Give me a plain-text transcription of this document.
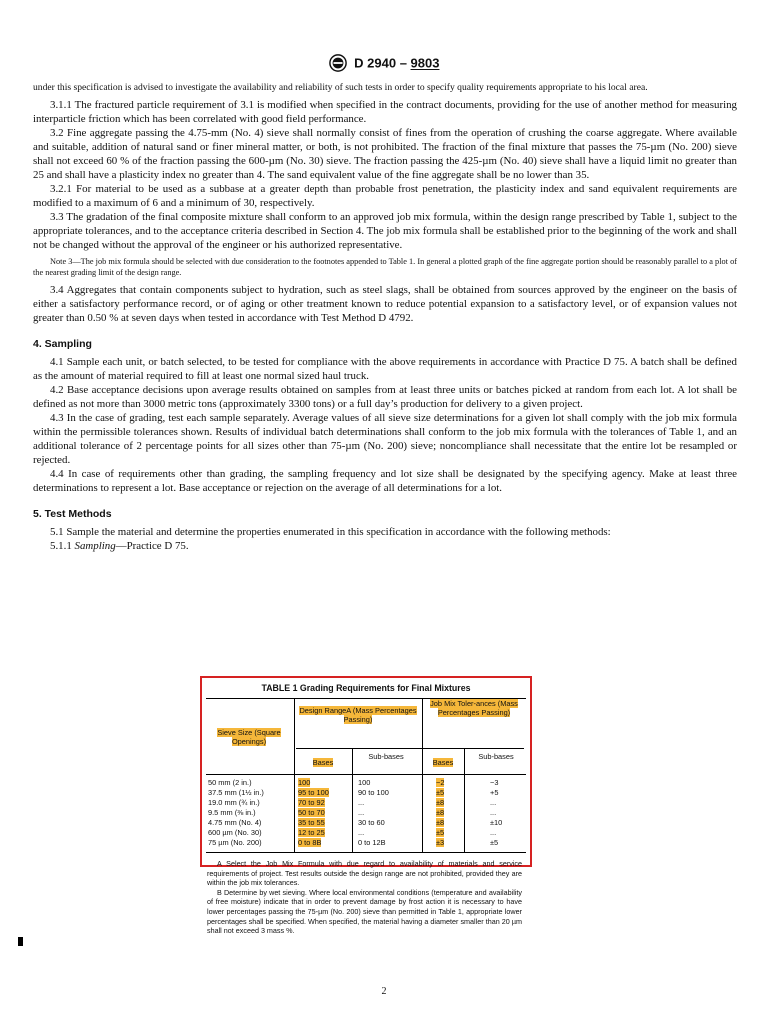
D 2940 – 9803

under this specification is advised to investigate the availability and reliability of such tests in order to specify quality requirements appropriate to his local area.

3.1.1 The fractured particle requirement of 3.1 is modified when specified in the contract documents, providing for the use of another method for measuring interparticle friction which has been correlated with good field performance.

3.2 Fine aggregate passing the 4.75-mm (No. 4) sieve shall normally consist of fines from the operation of crushing the coarse aggregate. Where available and suitable, addition of natural sand or finer mineral matter, or both, is not prohibited. The fraction of the final mixture that passes the 75-µm (No. 200) sieve shall not exceed 60 % of the fraction passing the 600-µm (No. 30) sieve. The fraction passing the 425-µm (No. 40) sieve shall have a liquid limit no greater than 25 and shall have a plasticity index no greater than 4. The sand equivalent value of the fine aggregate shall be no lower than 35.

3.2.1 For material to be used as a subbase at a greater depth than probable frost penetration, the plasticity index and sand equivalent requirements are modified to a maximum of 6 and a minimum of 30, respectively.

3.3 The gradation of the final composite mixture shall conform to an approved job mix formula, within the design range prescribed by Table 1, subject to the appropriate tolerances, and to the acceptance criteria described in Section 4. The job mix formula shall be established prior to the beginning of the work and shall not be changed without the approval of the engineer or his authorized representative.

Note 3—The job mix formula should be selected with due consideration to the footnotes appended to Table 1. In general a plotted graph of the fine aggregate portion should be reasonably parallel to a plot of the nearest grading limit of the design range.

3.4 Aggregates that contain components subject to hydration, such as steel slags, shall be obtained from sources approved by the engineer on the basis of either a satisfactory performance record, or of aging or other treatment known to reduce potential expansion to a satisfactory level, or of expansion values not greater than 0.50 % at seven days when tested in accordance with Test Method D 4792.

4. Sampling

4.1 Sample each unit, or batch selected, to be tested for compliance with the above requirements in accordance with Practice D 75. A batch shall be defined as the amount of material required to fill at least one normal sized haul truck.

4.2 Base acceptance decisions upon average results obtained on samples from at least three units or batches picked at random from each lot. A lot shall be defined as not more than 3000 metric tons (approximately 3300 tons) or a full day’s production for delivery to a given project.

4.3 In the case of grading, test each sample separately. Average values of all sieve size determinations for a given lot shall comply with the job mix formula within the permissible tolerances shown. Results of individual batch determinations shall conform to the job mix formula with the tolerances of Table 1, and an additional tolerance of 2 percentage points for all sizes other than 75-µm (No. 200) sieve; noncompliance shall necessitate that the entire lot be resampled or rejected.

4.4 In case of requirements other than grading, the sampling frequency and lot size shall be designated by the specifying agency. Make at least three determinations to represent a lot. Base acceptance or rejection on the average of all determinations for a lot.

5. Test Methods

5.1 Sample the material and determine the properties enumerated in this specification in accordance with the following methods:

5.1.1 Sampling—Practice D 75.

TABLE 1 Grading Requirements for Final Mixtures
Sieve Size (Square Openings)
Design RangeA (Mass Percentages Passing)
Job Mix Toler-ances (Mass Percentages Passing)
Bases
Sub-bases
Bases
Sub-bases
50 mm (2 in.)	100	100	−2	−3
37.5 mm (1½ in.)	95 to 100	90 to 100	±5	+5
19.0 mm (¾ in.)	70 to 92	...	±8	...
9.5 mm (⅜ in.)	50 to 70	...	±8	...
4.75 mm (No. 4)	35 to 55	30 to 60	±8	±10
600 µm (No. 30)	12 to 25	...	±5	...
75 µm (No. 200)	0 to 8B	0 to 12B	±3	±5

A Select the Job Mix Formula with due regard to availability of materials and service requirements of project. Test results outside the design range are not prohibited, provided they are within the job mix tolerances.

B Determine by wet sieving. Where local environmental conditions (temperature and availability of free moisture) indicate that in order to prevent damage by frost action it is necessary to have lower percentages passing the 75-µm (No. 200) sieve than permitted in Table 1, appropriate lower percentages shall be specified. When specified, the material having a diameter smaller than 20 µm shall not exceed 3 mass %.

2
